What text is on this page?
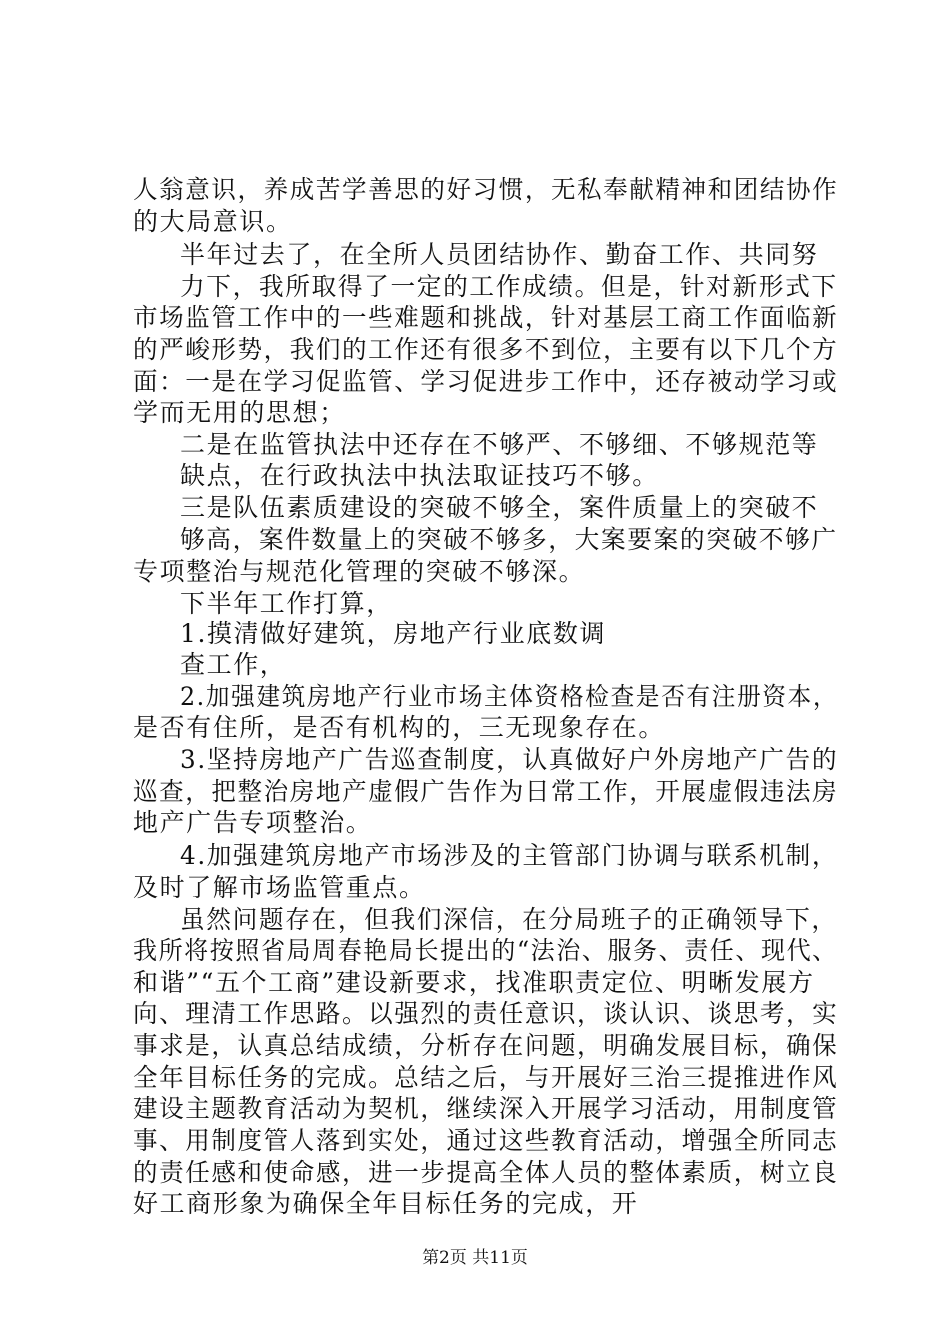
人翁意识，养成苦学善思的好习惯，无私奉献精神和团结协作
的大局意识。
半年过去了，在全所人员团结协作、勤奋工作、共同努
力下，我所取得了一定的工作成绩。但是，针对新形式下
市场监管工作中的一些难题和挑战，针对基层工商工作面临新
的严峻形势，我们的工作还有很多不到位，主要有以下几个方
面：一是在学习促监管、学习促进步工作中，还存被动学习或
学而无用的思想；
二是在监管执法中还存在不够严、不够细、不够规范等
缺点，在行政执法中执法取证技巧不够。
三是队伍素质建设的突破不够全，案件质量上的突破不
够高，案件数量上的突破不够多，大案要案的突破不够广
专项整治与规范化管理的突破不够深。
下半年工作打算，
1.摸清做好建筑，房地产行业底数调
查工作，
2.加强建筑房地产行业市场主体资格检查是否有注册资本，
是否有住所，是否有机构的，三无现象存在。
3.坚持房地产广告巡查制度，认真做好户外房地产广告的
巡查，把整治房地产虚假广告作为日常工作，开展虚假违法房
地产广告专项整治。
4.加强建筑房地产市场涉及的主管部门协调与联系机制，
及时了解市场监管重点。
虽然问题存在，但我们深信，在分局班子的正确领导下，
我所将按照省局周春艳局长提出的“法治、服务、责任、现代、
和谐”“五个工商”建设新要求，找准职责定位、明晰发展方
向、理清工作思路。以强烈的责任意识，谈认识、谈思考，实
事求是，认真总结成绩，分析存在问题，明确发展目标，确保
全年目标任务的完成。总结之后，与开展好三治三提推进作风
建设主题教育活动为契机，继续深入开展学习活动，用制度管
事、用制度管人落到实处，通过这些教育活动，增强全所同志
的责任感和使命感，进一步提高全体人员的整体素质，树立良
好工商形象为确保全年目标任务的完成，开
第2页 共11页
